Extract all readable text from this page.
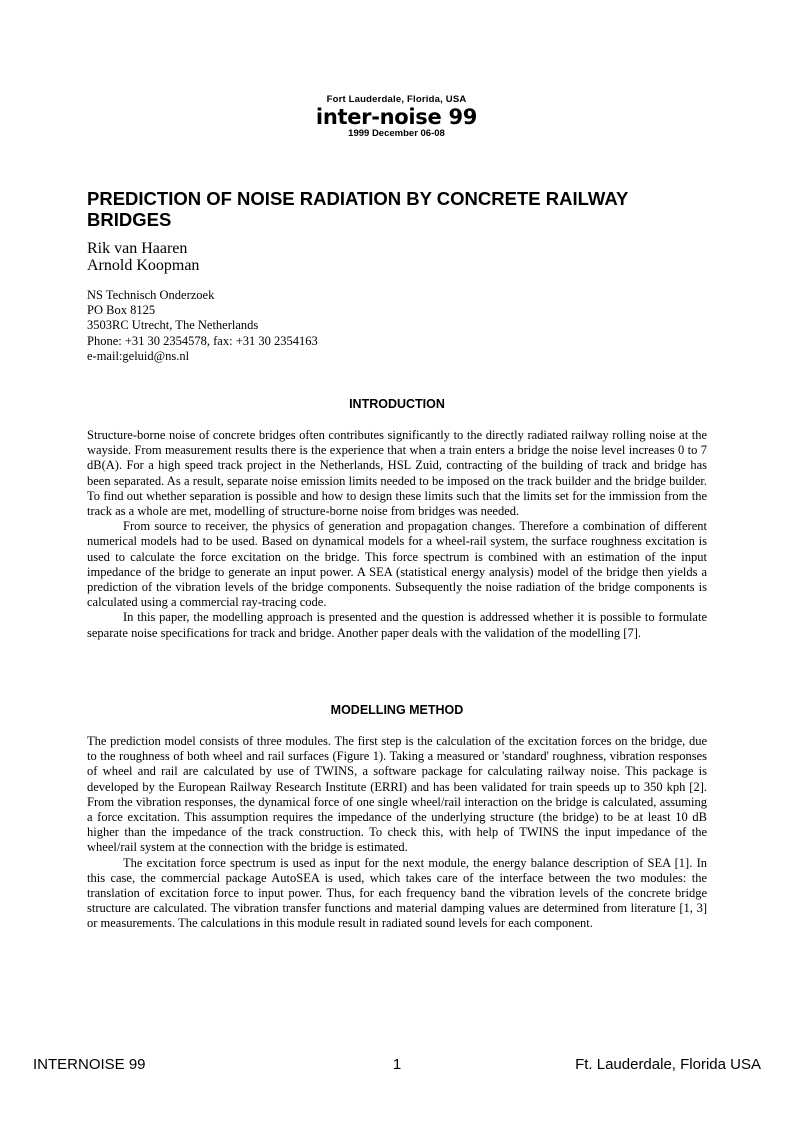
Fort Lauderdale, Florida, USA
inter-noise 99
1999 December 06-08
PREDICTION OF NOISE RADIATION BY CONCRETE RAILWAY BRIDGES
Rik van Haaren
Arnold Koopman
NS Technisch Onderzoek
PO Box 8125
3503RC Utrecht, The Netherlands
Phone: +31 30 2354578, fax: +31 30 2354163
e-mail:geluid@ns.nl
INTRODUCTION

Structure-borne noise of concrete bridges often contributes significantly to the directly radiated railway rolling noise at the wayside. From measurement results there is the experience that when a train enters a bridge the noise level increases 0 to 7 dB(A). For a high speed track project in the Netherlands, HSL Zuid, contracting of the building of track and bridge has been separated. As a result, separate noise emission limits needed to be imposed on the track builder and the bridge builder. To find out whether separation is possible and how to design these limits such that the limits set for the immission from the track as a whole are met, modelling of structure-borne noise from bridges was needed.

From source to receiver, the physics of generation and propagation changes. Therefore a combination of different numerical models had to be used. Based on dynamical models for a wheel-rail system, the surface roughness excitation is used to calculate the force excitation on the bridge. This force spectrum is combined with an estimation of the input impedance of the bridge to generate an input power. A SEA (statistical energy analysis) model of the bridge then yields a prediction of the vibration levels of the bridge components. Subsequently the noise radiation of the bridge components is calculated using a commercial ray-tracing code.

In this paper, the modelling approach is presented and the question is addressed whether it is possible to formulate separate noise specifications for track and bridge. Another paper deals with the validation of the modelling [7].

MODELLING METHOD

The prediction model consists of three modules. The first step is the calculation of the excitation forces on the bridge, due to the roughness of both wheel and rail surfaces (Figure 1). Taking a measured or 'standard' roughness, vibration responses of wheel and rail are calculated by use of TWINS, a software package for calculating railway noise. This package is developed by the European Railway Research Institute (ERRI) and has been validated for train speeds up to 350 kph [2]. From the vibration responses, the dynamical force of one single wheel/rail interaction on the bridge is calculated, assuming a force excitation. This assumption requires the impedance of the underlying structure (the bridge) to be at least 10 dB higher than the impedance of the track construction. To check this, with help of TWINS the input impedance of the wheel/rail system at the connection with the bridge is estimated.

The excitation force spectrum is used as input for the next module, the energy balance description of SEA [1]. In this case, the commercial package AutoSEA is used, which takes care of the interface between the two modules: the translation of excitation force to input power. Thus, for each frequency band the vibration levels of the concrete bridge structure are calculated. The vibration transfer functions and material damping values are determined from literature [1, 3] or measurements. The calculations in this module result in radiated sound levels for each component.

INTERNOISE 99	1	Ft. Lauderdale, Florida USA
